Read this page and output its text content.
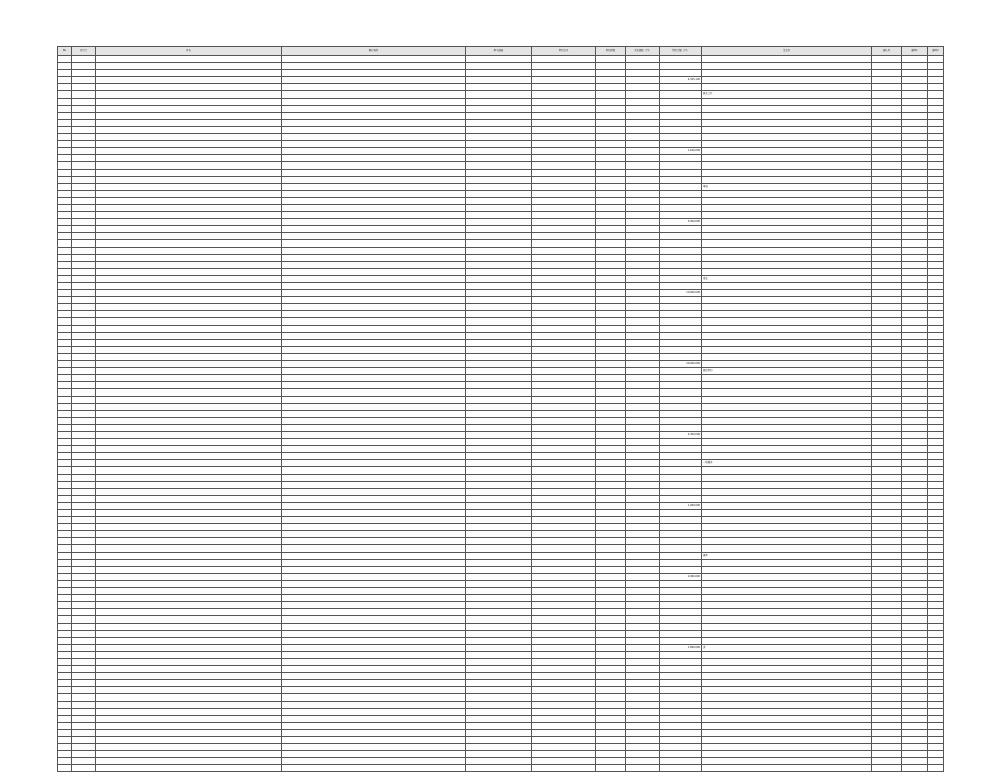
No	日付等	件名	履行場所	担当部局	契約方式	契約形態	予定価格（円）	契約金額（円）	業者名	落札率	備考1	備考2

								4,325,100				

									株式会社			

								1,620,000				

									単価			

								5,000,000				

									委託			

								10,000,000				

								20,000,000				
									随意契約			

								4,300,000				

									一般競争			

								1,060,000				

									備考			

								2,900,000				

								1,890,000	済			
